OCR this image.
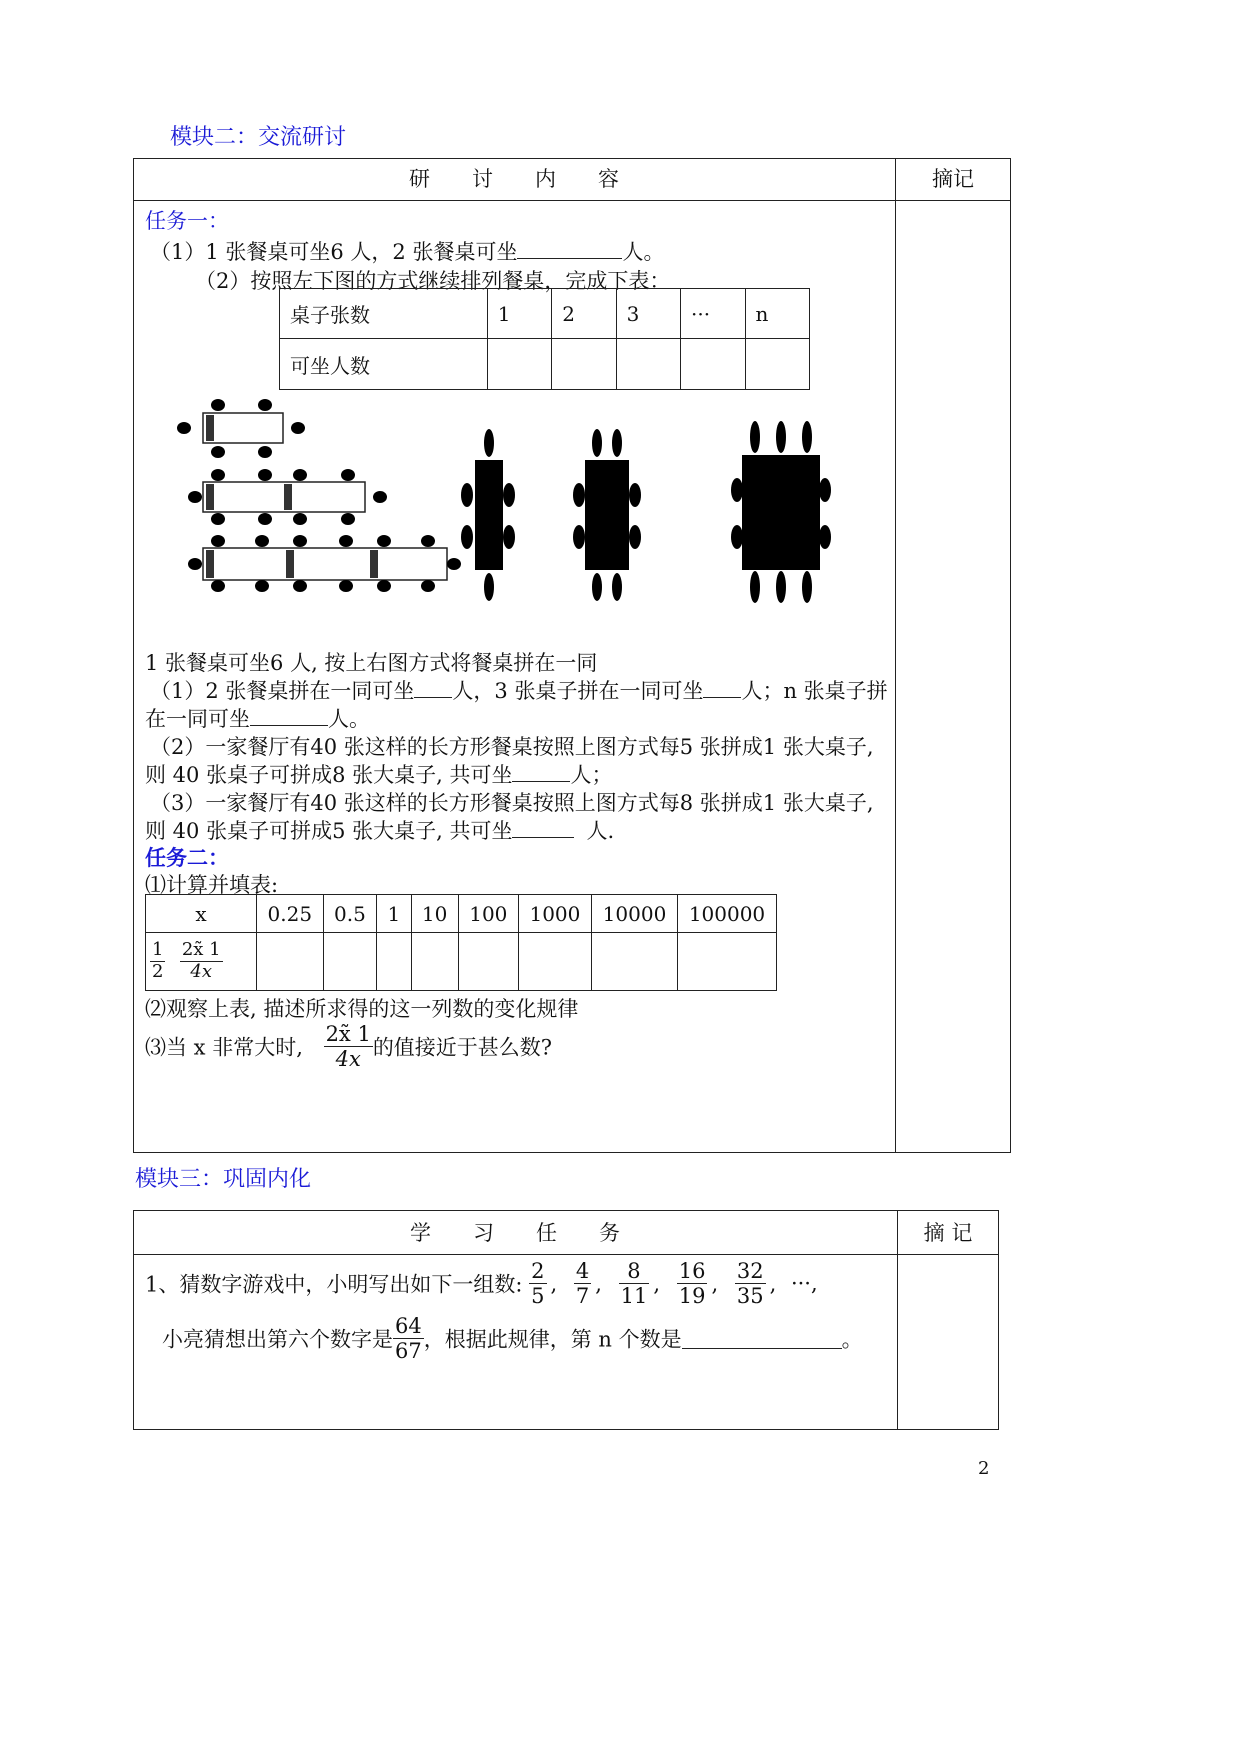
模块二：交流研讨
研　　讨　　内　　容	摘记
任务一：
（1）1 张餐桌可坐6 人，2 张餐桌可坐	人。
（2）按照左下图的方式继续排列餐桌，完成下表：
桌子张数	1	2	3	···	n
可坐人数					
1 张餐桌可坐6 人, 按上右图方式将餐桌拼在一同
（1）2 张餐桌拼在一同可坐 人，3 张桌子拼在一同可坐 人；n 张桌子拼
在一同可坐	人。
（2）一家餐厅有40 张这样的长方形餐桌按照上图方式每5 张拼成1 张大桌子,
则 40 张桌子可拼成8 张大桌子, 共可坐	人；
（3）一家餐厅有40 张这样的长方形餐桌按照上图方式每8 张拼成1 张大桌子,
则 40 张桌子可拼成5 张大桌子, 共可坐	人.
任务二：
⑴计算并填表:
x	0.25	0.5	1	10	100	1000	10000	100000

$\frac{1}{2}$
$\frac{2x̃ 1}{4x}$

⑵观察上表, 描述所求得的这一列数的变化规律
⑶当 x 非常大时, $\frac{2x̃ 1}{4x}$ 的值接近于甚么数?
模块三：巩固内化
学　　习　　任　　务	摘 记
1、猜数字游戏中，小明写出如下一组数: $\frac{2}{5}$ , $\frac{4}{7}$ , $\frac{8}{11}$ , $\frac{16}{19}$ , $\frac{32}{35}$ , ···,
小亮猜想出第六个数字是 $\frac{64}{67}$ ，根据此规律，第 n 个数是	。
2
